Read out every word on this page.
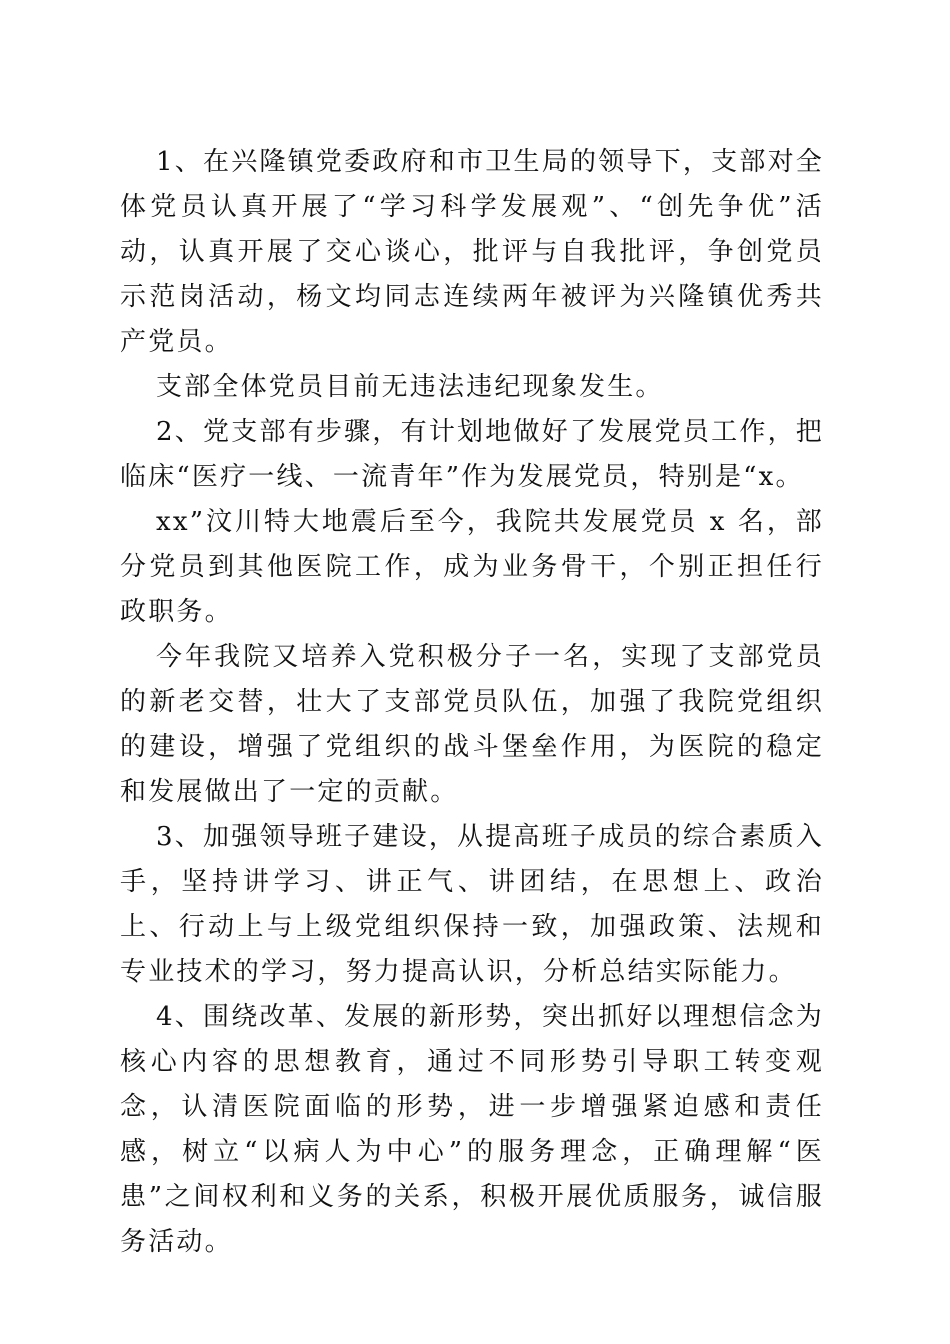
1、在兴隆镇党委政府和市卫生局的领导下，支部对全体党员认真开展了“学习科学发展观”、“创先争优”活动，认真开展了交心谈心，批评与自我批评，争创党员示范岗活动，杨文均同志连续两年被评为兴隆镇优秀共产党员。

支部全体党员目前无违法违纪现象发生。

2、党支部有步骤，有计划地做好了发展党员工作，把临床“医疗一线、一流青年”作为发展党员，特别是“x。

xx”汶川特大地震后至今，我院共发展党员 x 名，部分党员到其他医院工作，成为业务骨干，个别正担任行政职务。

今年我院又培养入党积极分子一名，实现了支部党员的新老交替，壮大了支部党员队伍，加强了我院党组织的建设，增强了党组织的战斗堡垒作用，为医院的稳定和发展做出了一定的贡献。

3、加强领导班子建设，从提高班子成员的综合素质入手，坚持讲学习、讲正气、讲团结，在思想上、政治上、行动上与上级党组织保持一致，加强政策、法规和专业技术的学习，努力提高认识，分析总结实际能力。

4、围绕改革、发展的新形势，突出抓好以理想信念为核心内容的思想教育，通过不同形势引导职工转变观念，认清医院面临的形势，进一步增强紧迫感和责任感，树立“以病人为中心”的服务理念，正确理解“医患”之间权利和义务的关系，积极开展优质服务，诚信服务活动。
